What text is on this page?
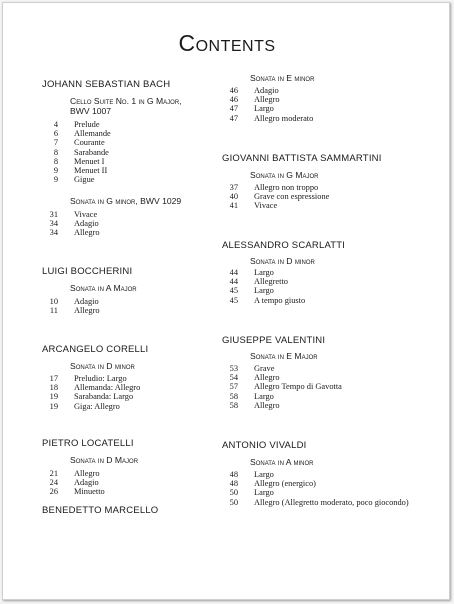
Contents
JOHANN SEBASTIAN BACH
Cello Suite No. 1 in G Major,
BWV 1007
4 Prelude
6 Allemande
7 Courante
8 Sarabande
8 Menuet I
9 Menuet II
9 Gigue
Sonata in G minor, BWV 1029
31 Vivace
34 Adagio
34 Allegro
LUIGI BOCCHERINI
Sonata in A Major
10 Adagio
11 Allegro
ARCANGELO CORELLI
Sonata in D minor
17 Preludio: Largo
18 Allemanda: Allegro
19 Sarabanda: Largo
19 Giga: Allegro
PIETRO LOCATELLI
Sonata in D Major
21 Allegro
24 Adagio
26 Minuetto
BENEDETTO MARCELLO
Sonata in E minor
46 Adagio
46 Allegro
47 Largo
47 Allegro moderato
GIOVANNI BATTISTA SAMMARTINI
Sonata in G Major
37 Allegro non troppo
40 Grave con espressione
41 Vivace
ALESSANDRO SCARLATTI
Sonata in D minor
44 Largo
44 Allegretto
45 Largo
45 A tempo giusto
GIUSEPPE VALENTINI
Sonata in E Major
53 Grave
54 Allegro
57 Allegro Tempo di Gavotta
58 Largo
58 Allegro
ANTONIO VIVALDI
Sonata in A minor
48 Largo
48 Allegro (energico)
50 Largo
50 Allegro (Allegretto moderato, poco giocondo)
